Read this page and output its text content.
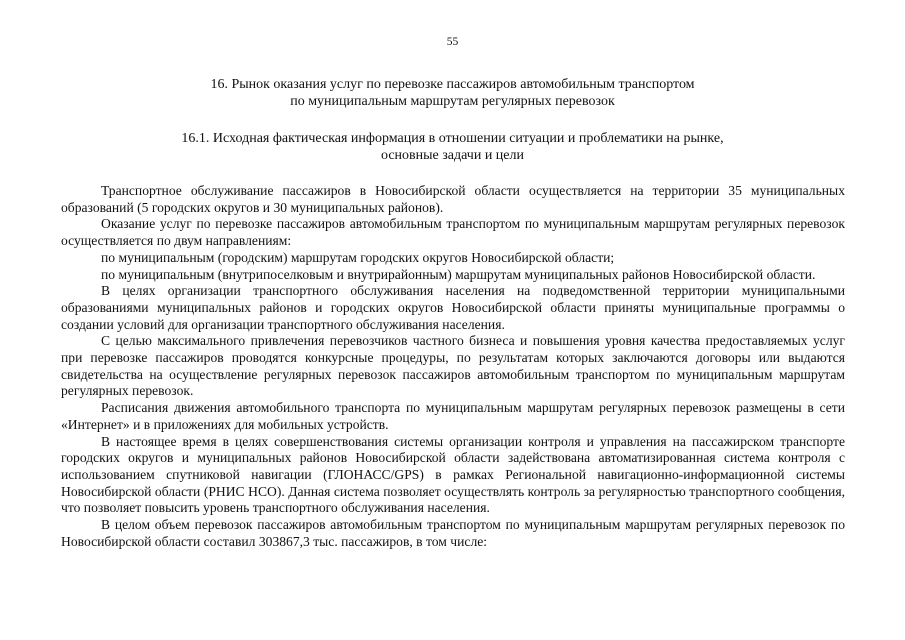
55
16. Рынок оказания услуг по перевозке пассажиров автомобильным транспортом
по муниципальным маршрутам регулярных перевозок
16.1. Исходная фактическая информация в отношении ситуации и проблематики на рынке,
основные задачи и цели

Транспортное обслуживание пассажиров в Новосибирской области осуществляется на территории 35 муниципальных образований (5 городских округов и 30 муниципальных районов).

Оказание услуг по перевозке пассажиров автомобильным транспортом по муниципальным маршрутам регулярных перевозок осуществляется по двум направлениям:

по муниципальным (городским) маршрутам городских округов Новосибирской области;

по муниципальным (внутрипоселковым и внутрирайонным) маршрутам муниципальных районов Новосибирской области.

В целях организации транспортного обслуживания населения на подведомственной территории муниципальными образованиями муниципальных районов и городских округов Новосибирской области приняты муниципальные программы о создании условий для организации транспортного обслуживания населения.

С целью максимального привлечения перевозчиков частного бизнеса и повышения уровня качества предоставляемых услуг при перевозке пассажиров проводятся конкурсные процедуры, по результатам которых заключаются договоры или выдаются свидетельства на осуществление регулярных перевозок пассажиров автомобильным транспортом по муниципальным маршрутам регулярных перевозок.

Расписания движения автомобильного транспорта по муниципальным маршрутам регулярных перевозок размещены в сети «Интернет» и в приложениях для мобильных устройств.

В настоящее время в целях совершенствования системы организации контроля и управления на пассажирском транспорте городских округов и муниципальных районов Новосибирской области задействована автоматизированная система контроля с использованием спутниковой навигации (ГЛОНАСС/GPS) в рамках Региональной навигационно-информационной системы Новосибирской области (РНИС НСО). Данная система позволяет осуществлять контроль за регулярностью транспортного сообщения, что позволяет повысить уровень транспортного обслуживания населения.

В целом объем перевозок пассажиров автомобильным транспортом по муниципальным маршрутам регулярных перевозок по Новосибирской области составил 303867,3 тыс. пассажиров, в том числе:
